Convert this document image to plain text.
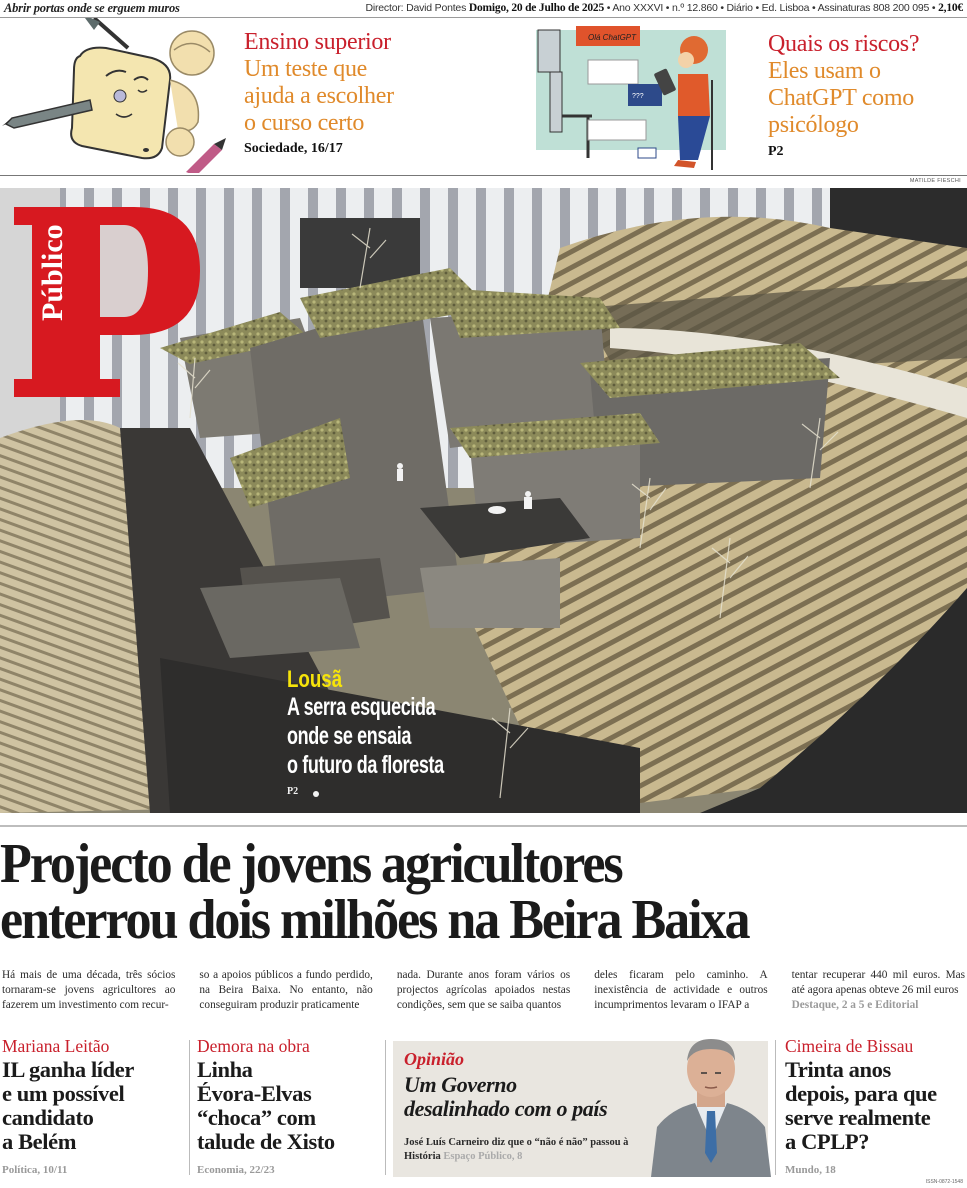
Abrir portas onde se erguem muros	Director: David Pontes Domigo, 20 de Julho de 2025 • Ano XXXVI • n.º 12.860 • Diário • Ed. Lisboa • Assinaturas 808 200 095 • 2,10€
Ensino superior
Um teste que
ajuda a escolher
o curso certo
Sociedade, 16/17
Olá ChatGPT
???
Quais os riscos?
Eles usam o
ChatGPT como
psicólogo
P2
MATILDE FIESCHI
Público
Lousã
A serra esquecida
onde se ensaia
o futuro da floresta
P2
Projecto de jovens agricultores
enterrou dois milhões na Beira Baixa

Há mais de uma década, três sócios tornaram-se jovens agricultores ao fazerem um investimento com recur-

so a apoios públicos a fundo perdido, na Beira Baixa. No entanto, não conseguiram produzir praticamente

nada. Durante anos foram vários os projectos agrícolas apoiados nestas condições, sem que se saiba quantos

deles ficaram pelo caminho. A inexistência de actividade e outros incumprimentos levaram o IFAP a

tentar recuperar 440 mil euros. Mas até agora apenas obteve 26 mil euros
Destaque, 2 a 5 e Editorial

Mariana Leitão
IL ganha líder
e um possível
candidato
a Belém
Política, 10/11
Demora na obra
Linha
Évora-Elvas
“choca” com
talude de Xisto
Economia, 22/23
Opinião
Um Governo
desalinhado com o país
José Luís Carneiro diz que o “não é não” passou à História Espaço Público, 8
Cimeira de Bissau
Trinta anos
depois, para que
serve realmente
a CPLP?
Mundo, 18
ISSN-0872-1548
